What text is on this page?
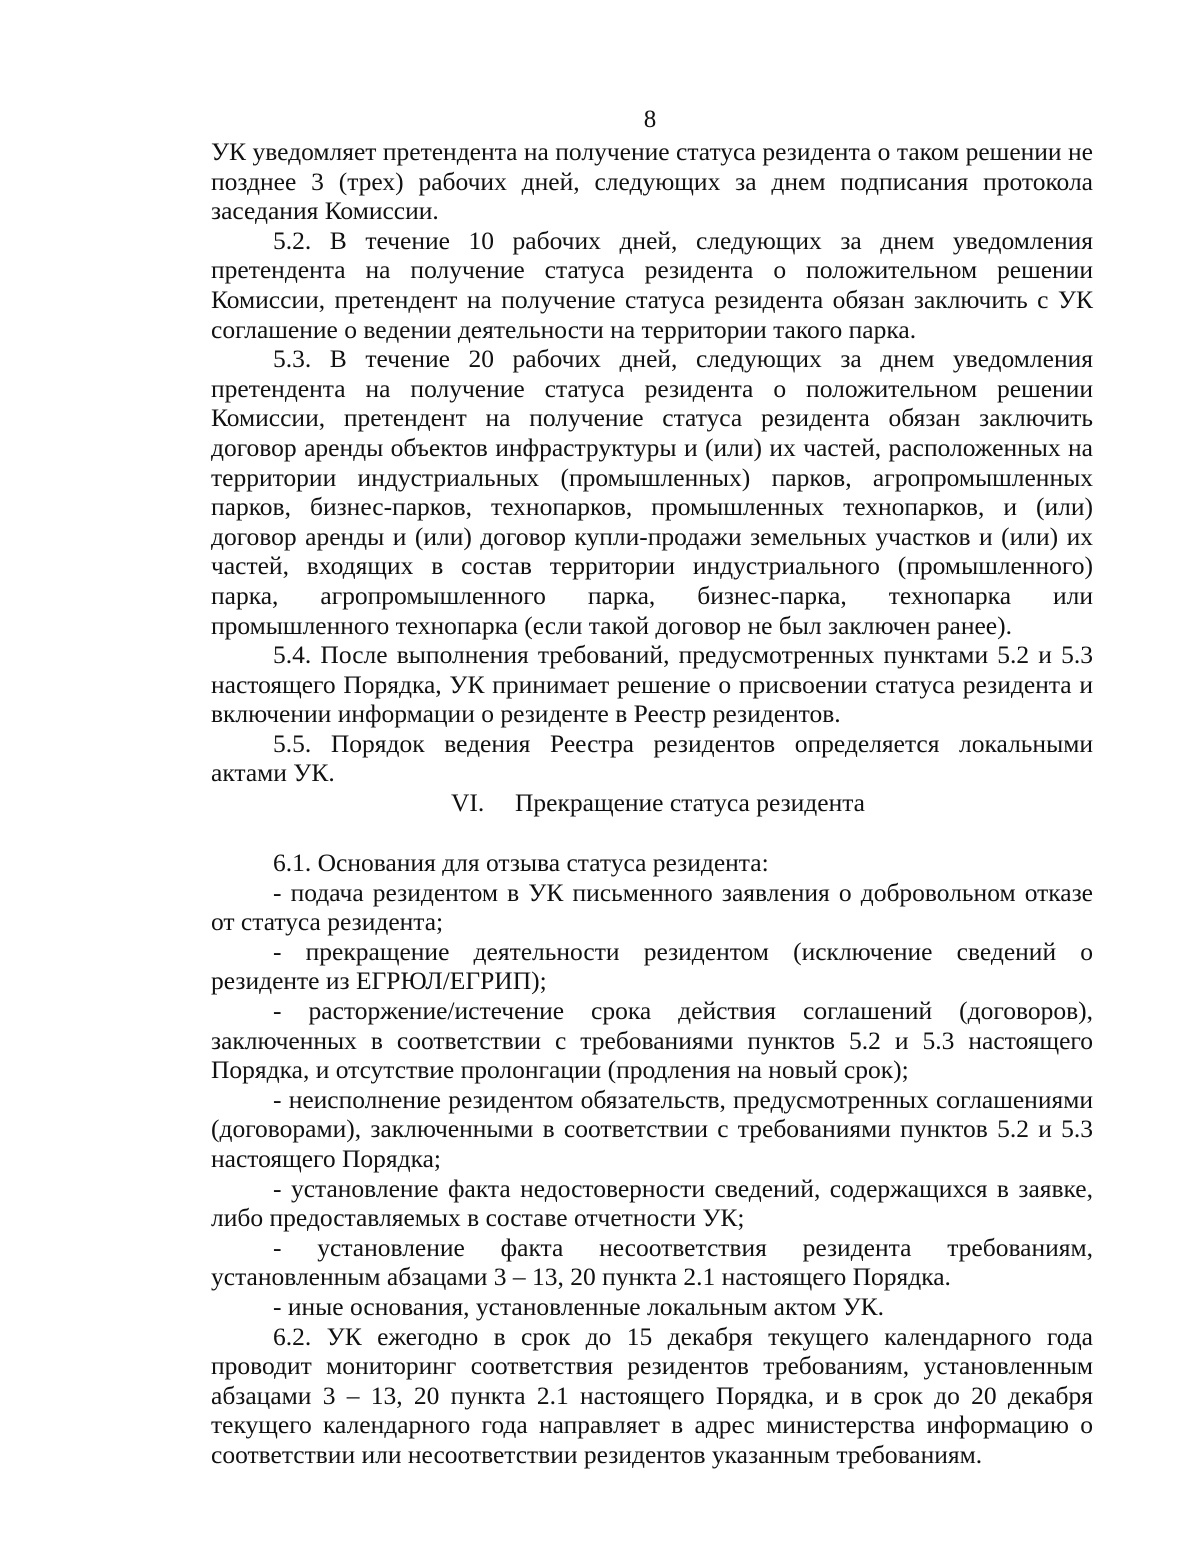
8

УК уведомляет претендента на получение статуса резидента о таком решении не позднее 3 (трех) рабочих дней, следующих за днем подписания протокола заседания Комиссии.

5.2. В течение 10 рабочих дней, следующих за днем уведомления претендента на получение статуса резидента о положительном решении Комиссии, претендент на получение статуса резидента обязан заключить с УК соглашение о ведении деятельности на территории такого парка.

5.3. В течение 20 рабочих дней, следующих за днем уведомления претендента на получение статуса резидента о положительном решении Комиссии, претендент на получение статуса резидента обязан заключить договор аренды объектов инфраструктуры и (или) их частей, расположенных на территории индустриальных (промышленных) парков, агропромышленных парков, бизнес-парков, технопарков, промышленных технопарков, и (или) договор аренды и (или) договор купли-продажи земельных участков и (или) их частей, входящих в состав территории индустриального (промышленного) парка, агропромышленного парка, бизнес-парка, технопарка или промышленного технопарка (если такой договор не был заключен ранее).

5.4. После выполнения требований, предусмотренных пунктами 5.2 и 5.3 настоящего Порядка, УК принимает решение о присвоении статуса резидента и включении информации о резиденте в Реестр резидентов.

5.5. Порядок ведения Реестра резидентов определяется локальными актами УК.

VI. Прекращение статуса резидента

6.1. Основания для отзыва статуса резидента:

- подача резидентом в УК письменного заявления о добровольном отказе от статуса резидента;

- прекращение деятельности резидентом (исключение сведений о резиденте из ЕГРЮЛ/ЕГРИП);

- расторжение/истечение срока действия соглашений (договоров), заключенных в соответствии с требованиями пунктов 5.2 и 5.3 настоящего Порядка, и отсутствие пролонгации (продления на новый срок);

- неисполнение резидентом обязательств, предусмотренных соглашениями (договорами), заключенными в соответствии с требованиями пунктов 5.2 и 5.3 настоящего Порядка;

- установление факта недостоверности сведений, содержащихся в заявке, либо предоставляемых в составе отчетности УК;

- установление факта несоответствия резидента требованиям, установленным абзацами 3 – 13, 20 пункта 2.1 настоящего Порядка.

- иные основания, установленные локальным актом УК.

6.2. УК ежегодно в срок до 15 декабря текущего календарного года проводит мониторинг соответствия резидентов требованиям, установленным абзацами 3 – 13, 20 пункта 2.1 настоящего Порядка, и в срок до 20 декабря текущего календарного года направляет в адрес министерства информацию о соответствии или несоответствии резидентов указанным требованиям.
